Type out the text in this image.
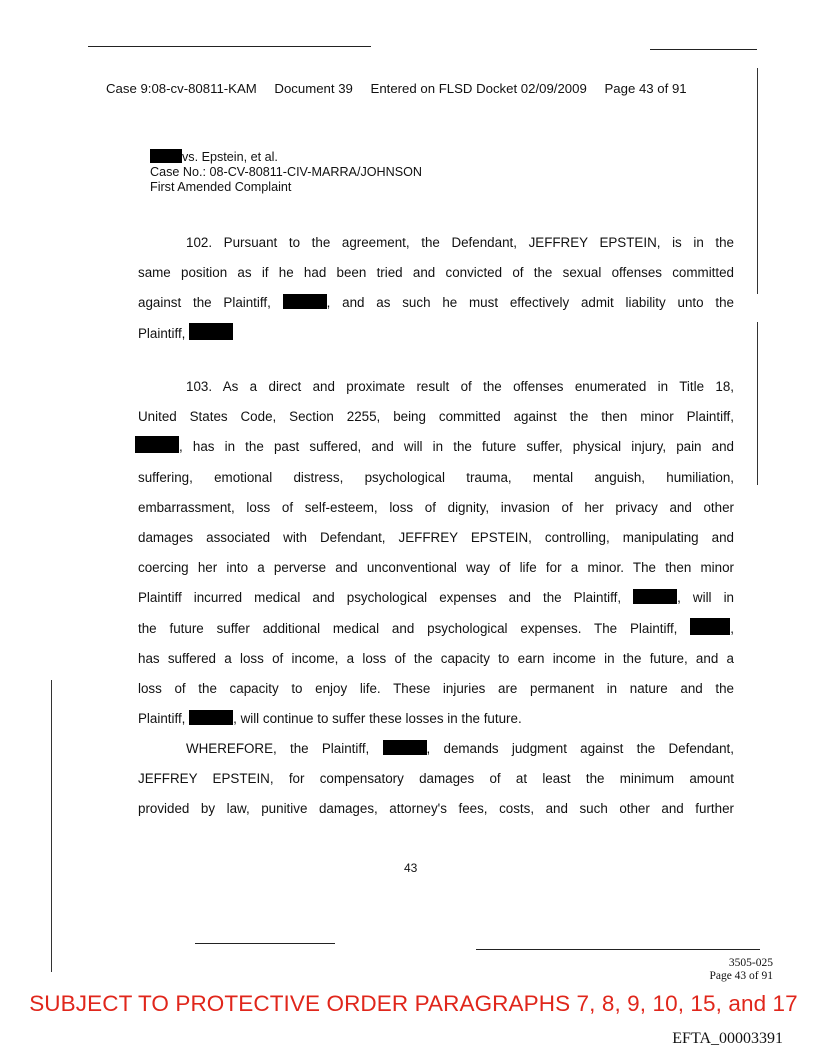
Case 9:08-cv-80811-KAM Document 39 Entered on FLSD Docket 02/09/2009 Page 43 of 91
vs. Epstein, et al.
Case No.: 08-CV-80811-CIV-MARRA/JOHNSON
First Amended Complaint
102. Pursuant to the agreement, the Defendant, JEFFREY EPSTEIN, is in the
same position as if he had been tried and convicted of the sexual offenses committed
against the Plaintiff,	, and as such he must effectively admit liability unto the
Plaintiff,
103. As a direct and proximate result of the offenses enumerated in Title 18,
United States Code, Section 2255, being committed against the then minor Plaintiff,
, has in the past suffered, and will in the future suffer, physical injury, pain and
suffering, emotional distress, psychological trauma, mental anguish, humiliation,
embarrassment, loss of self-esteem, loss of dignity, invasion of her privacy and other
damages associated with Defendant, JEFFREY EPSTEIN, controlling, manipulating and
coercing her into a perverse and unconventional way of life for a minor. The then minor
Plaintiff incurred medical and psychological expenses and the Plaintiff,	, will in
the future suffer additional medical and psychological expenses. The Plaintiff,	,
has suffered a loss of income, a loss of the capacity to earn income in the future, and a
loss of the capacity to enjoy life. These injuries are permanent in nature and the
Plaintiff,	, will continue to suffer these losses in the future.
WHEREFORE, the Plaintiff,	, demands judgment against the Defendant,
JEFFREY EPSTEIN, for compensatory damages of at least the minimum amount
provided by law, punitive damages, attorney's fees, costs, and such other and further
43
3505-025
Page 43 of 91
SUBJECT TO PROTECTIVE ORDER PARAGRAPHS 7, 8, 9, 10, 15, and 17
EFTA_00003391
